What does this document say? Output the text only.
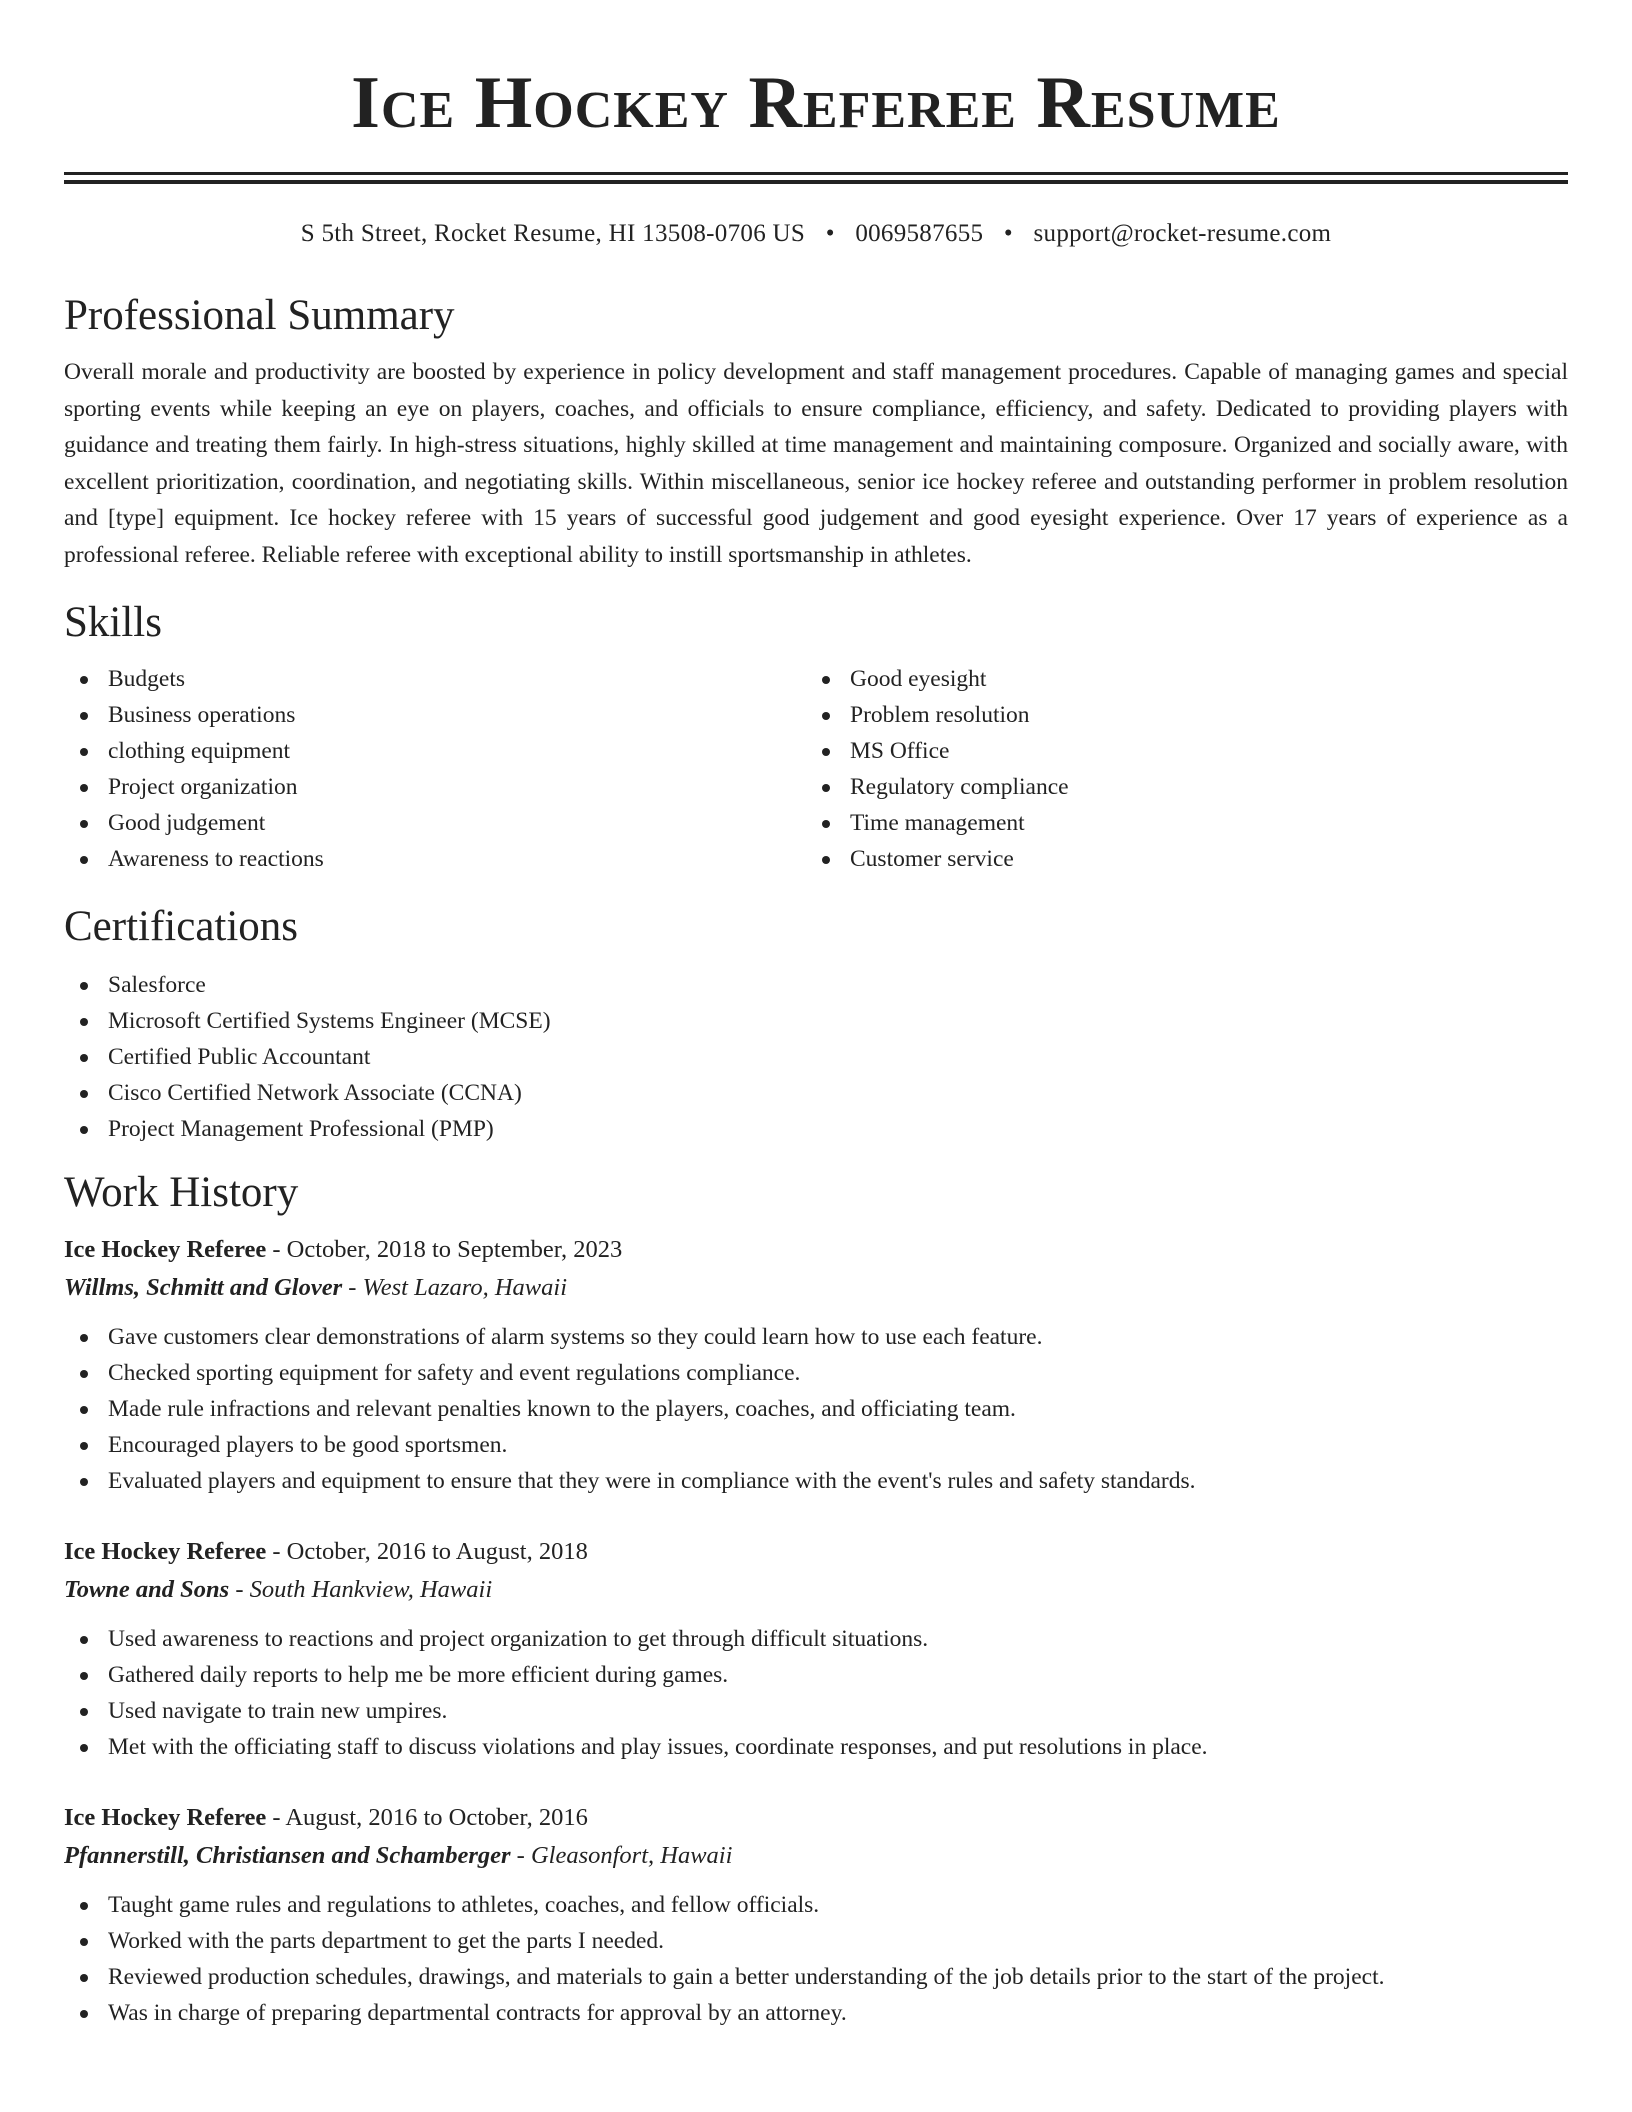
Ice Hockey Referee Resume
S 5th Street, Rocket Resume, HI 13508-0706 US • 0069587655 • support@rocket-resume.com
Professional Summary

Overall morale and productivity are boosted by experience in policy development and staff management procedures. Capable of managing games and special sporting events while keeping an eye on players, coaches, and officials to ensure compliance, efficiency, and safety. Dedicated to providing players with guidance and treating them fairly. In high-stress situations, highly skilled at time management and maintaining composure. Organized and socially aware, with excellent prioritization, coordination, and negotiating skills. Within miscellaneous, senior ice hockey referee and outstanding performer in problem resolution and [type] equipment. Ice hockey referee with 15 years of successful good judgement and good eyesight experience. Over 17 years of experience as a professional referee. Reliable referee with exceptional ability to instill sportsmanship in athletes.

Skills
Budgets
Business operations
clothing equipment
Project organization
Good judgement
Awareness to reactions
Good eyesight
Problem resolution
MS Office
Regulatory compliance
Time management
Customer service
Certifications
Salesforce
Microsoft Certified Systems Engineer (MCSE)
Certified Public Accountant
Cisco Certified Network Associate (CCNA)
Project Management Professional (PMP)
Work History
Ice Hockey Referee - October, 2018 to September, 2023
Willms, Schmitt and Glover - West Lazaro, Hawaii
Gave customers clear demonstrations of alarm systems so they could learn how to use each feature.
Checked sporting equipment for safety and event regulations compliance.
Made rule infractions and relevant penalties known to the players, coaches, and officiating team.
Encouraged players to be good sportsmen.
Evaluated players and equipment to ensure that they were in compliance with the event's rules and safety standards.
Ice Hockey Referee - October, 2016 to August, 2018
Towne and Sons - South Hankview, Hawaii
Used awareness to reactions and project organization to get through difficult situations.
Gathered daily reports to help me be more efficient during games.
Used navigate to train new umpires.
Met with the officiating staff to discuss violations and play issues, coordinate responses, and put resolutions in place.
Ice Hockey Referee - August, 2016 to October, 2016
Pfannerstill, Christiansen and Schamberger - Gleasonfort, Hawaii
Taught game rules and regulations to athletes, coaches, and fellow officials.
Worked with the parts department to get the parts I needed.
Reviewed production schedules, drawings, and materials to gain a better understanding of the job details prior to the start of the project.
Was in charge of preparing departmental contracts for approval by an attorney.
